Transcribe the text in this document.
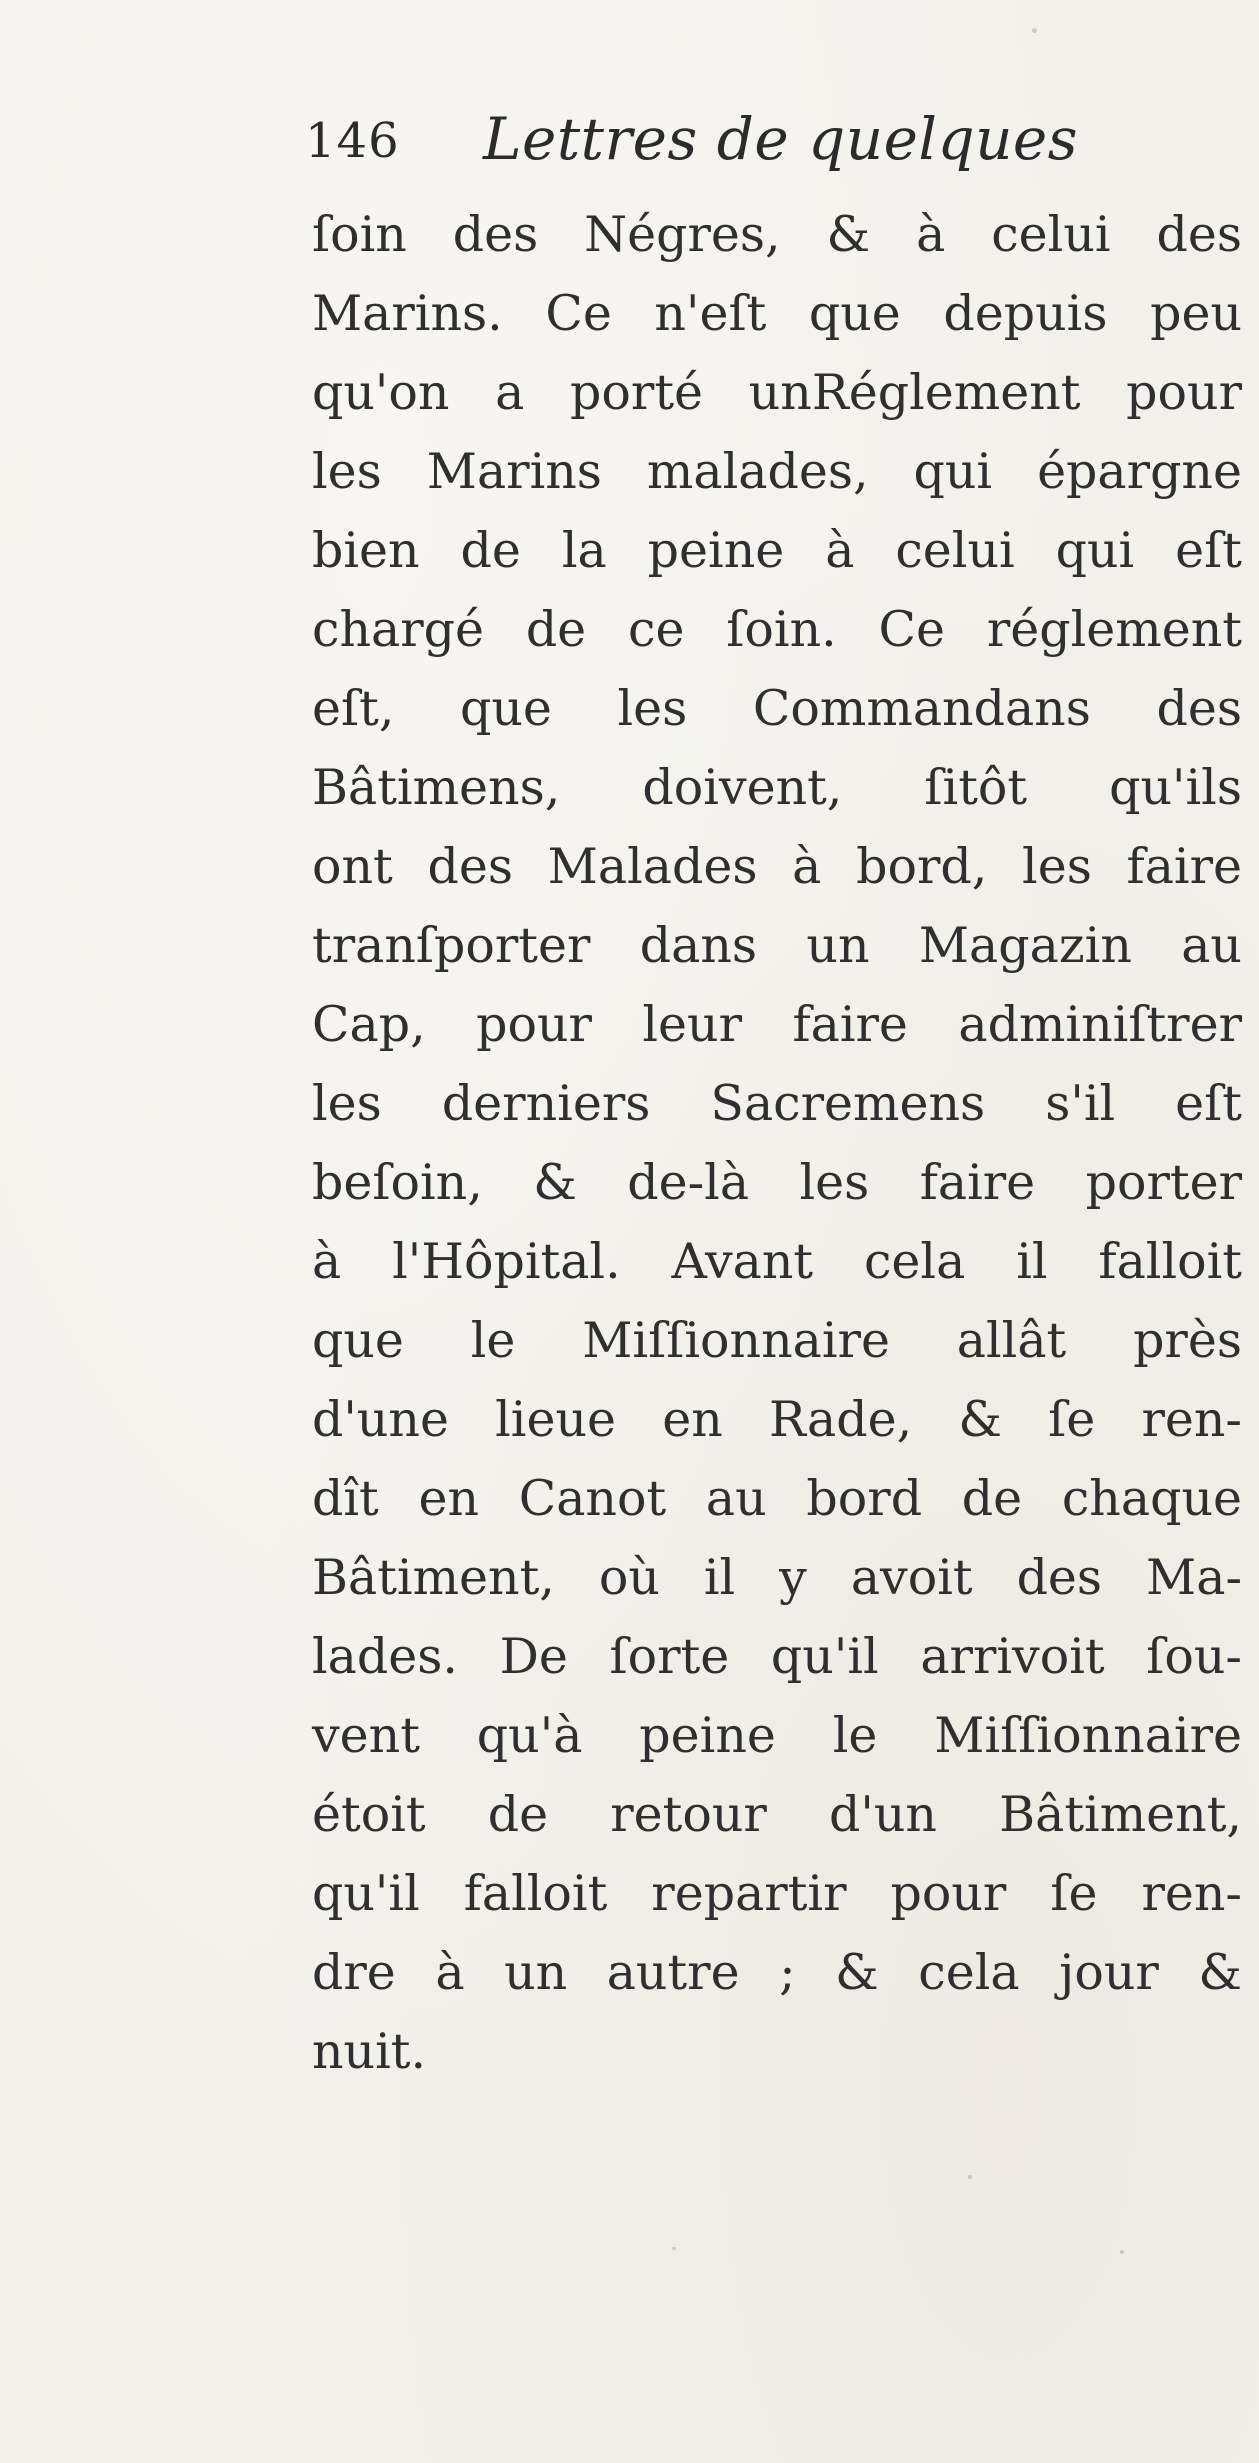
146 Lettres de quelques
ſoin des Négres, & à celui des
Marins. Ce n'eſt que depuis peu
qu'on a porté unRéglement pour
les Marins malades, qui épargne
bien de la peine à celui qui eſt
chargé de ce ſoin. Ce réglement
eſt, que les Commandans des
Bâtimens, doivent, ſitôt qu'ils
ont des Malades à bord, les faire
tranſporter dans un Magazin au
Cap, pour leur faire adminiſtrer
les derniers Sacremens s'il eſt
beſoin, & de-là les faire porter
à l'Hôpital. Avant cela il falloit
que le Miſſionnaire allât près
d'une lieue en Rade, & ſe ren-
dît en Canot au bord de chaque
Bâtiment, où il y avoit des Ma-
lades. De ſorte qu'il arrivoit ſou-
vent qu'à peine le Miſſionnaire
étoit de retour d'un Bâtiment,
qu'il falloit repartir pour ſe ren-
dre à un autre ; & cela jour &
nuit.
